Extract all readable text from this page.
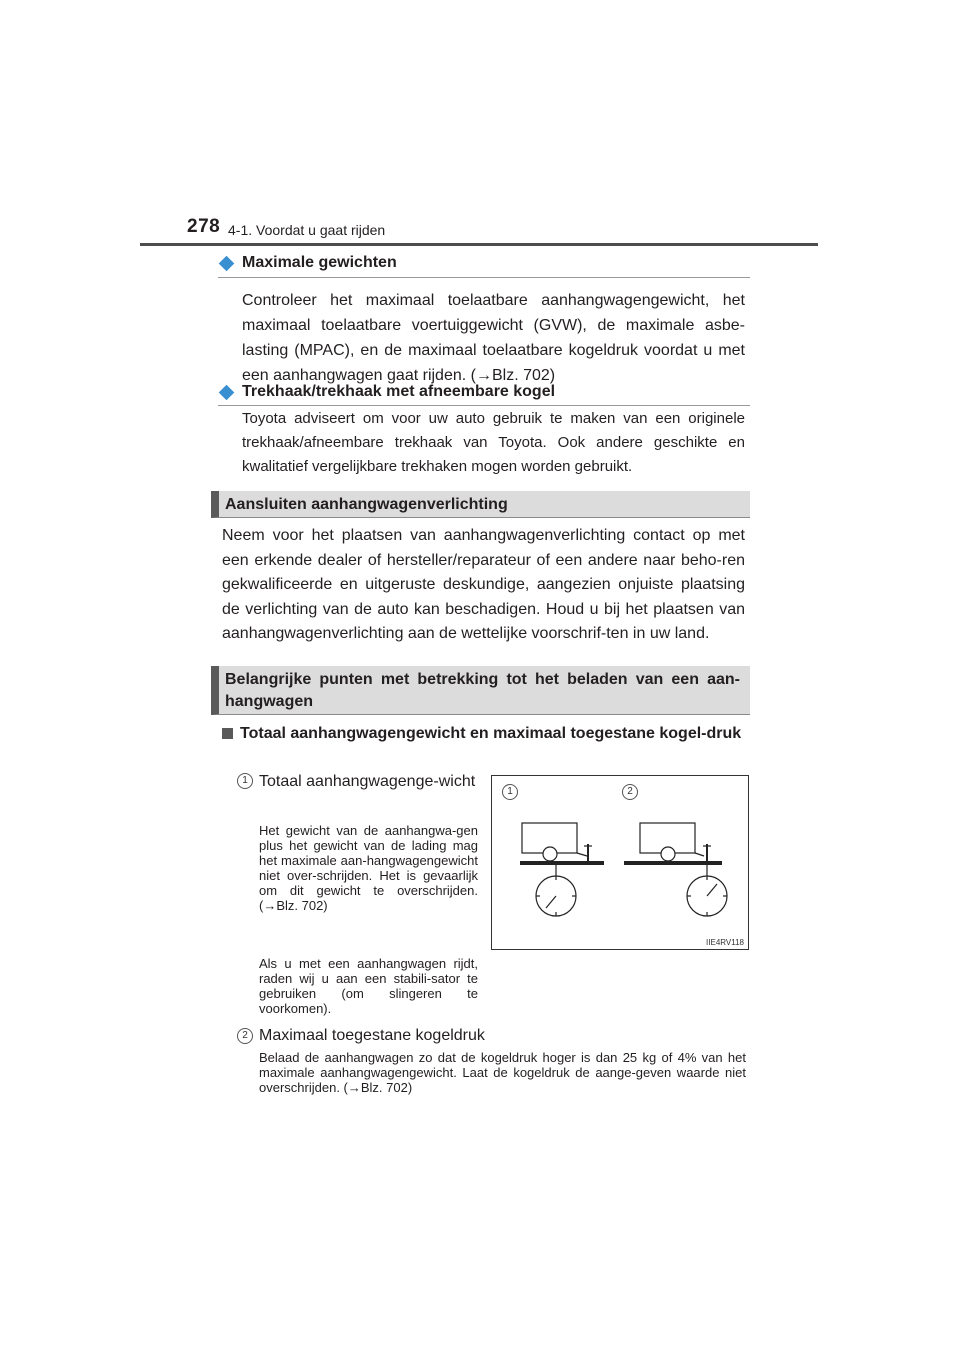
278 4-1. Voordat u gaat rijden
Maximale gewichten
Controleer het maximaal toelaatbare aanhangwagengewicht, het maximaal toelaatbare voertuiggewicht (GVW), de maximale asbe-lasting (MPAC), en de maximaal toelaatbare kogeldruk voordat u met een aanhangwagen gaat rijden. (→Blz. 702)
Trekhaak/trekhaak met afneembare kogel
Toyota adviseert om voor uw auto gebruik te maken van een originele trekhaak/afneembare trekhaak van Toyota. Ook andere geschikte en kwalitatief vergelijkbare trekhaken mogen worden gebruikt.
Aansluiten aanhangwagenverlichting
Neem voor het plaatsen van aanhangwagenverlichting contact op met een erkende dealer of hersteller/reparateur of een andere naar beho-ren gekwalificeerde en uitgeruste deskundige, aangezien onjuiste plaatsing de verlichting van de auto kan beschadigen. Houd u bij het plaatsen van aanhangwagenverlichting aan de wettelijke voorschrif-ten in uw land.
Belangrijke punten met betrekking tot het beladen van een aan-hangwagen
Totaal aanhangwagengewicht en maximaal toegestane kogel-druk
1 Totaal aanhangwagenge-wicht
Het gewicht van de aanhangwa-gen plus het gewicht van de lading mag het maximale aan-hangwagengewicht niet over-schrijden. Het is gevaarlijk om dit gewicht te overschrijden. (→Blz. 702)
Als u met een aanhangwagen rijdt, raden wij u aan een stabili-sator te gebruiken (om slingeren te voorkomen).
1	2
IIE4RV118
2 Maximaal toegestane kogeldruk
Belaad de aanhangwagen zo dat de kogeldruk hoger is dan 25 kg of 4% van het maximale aanhangwagengewicht. Laat de kogeldruk de aange-geven waarde niet overschrijden. (→Blz. 702)
